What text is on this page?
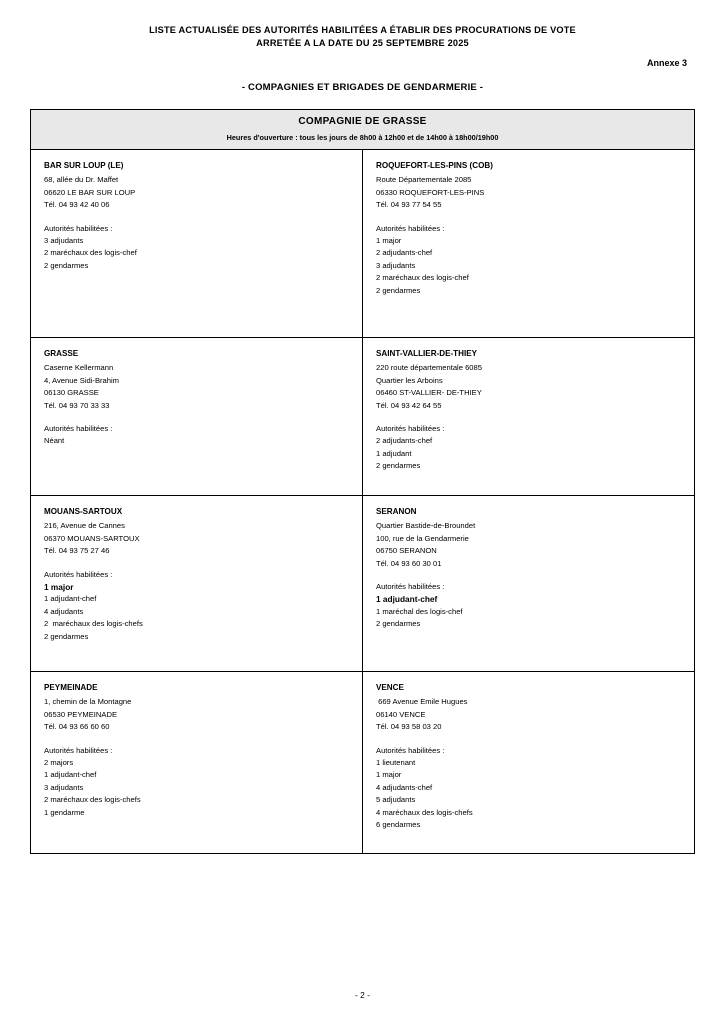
LISTE ACTUALISÉE DES AUTORITÉS HABILITÉES A ÉTABLIR DES PROCURATIONS DE VOTE
ARRETÉE A LA DATE DU 25 SEPTEMBRE 2025
Annexe 3
- COMPAGNIES ET BRIGADES DE GENDARMERIE -
COMPAGNIE DE GRASSE
Heures d'ouverture : tous les jours de 8h00 à 12h00 et de 14h00 à 18h00/19h00	

BAR SUR LOUP (LE)
68, allée du Dr. Maffet
06620 LE BAR SUR LOUP
Tél. 04 93 42 40 06
Autorités habilitées :
3 adjudants
2 maréchaux des logis-chef
2 gendarmes

ROQUEFORT-LES-PINS (COB)
Route Départementale 2085
06330 ROQUEFORT-LES-PINS
Tél. 04 93 77 54 55
Autorités habilitées :
1 major
2 adjudants-chef
3 adjudants
2 maréchaux des logis-chef
2 gendarmes

GRASSE
Caserne Kellermann
4, Avenue Sidi-Brahim
06130 GRASSE
Tél. 04 93 70 33 33
Autorités habilitées :
Néant

SAINT-VALLIER-DE-THIEY
220 route départementale 6085
Quartier les Arboins
06460 ST-VALLIER- DE-THIEY
Tél. 04 93 42 64 55
Autorités habilitées :
2 adjudants-chef
1 adjudant
2 gendarmes

MOUANS-SARTOUX
216, Avenue de Cannes
06370 MOUANS-SARTOUX
Tél. 04 93 75 27 46
Autorités habilitées :
1 major
1 adjudant-chef
4 adjudants
2  maréchaux des logis-chefs
2 gendarmes

SERANON
Quartier Bastide-de-Broundet
100, rue de la Gendarmerie
06750 SERANON
Tél. 04 93 60 30 01
Autorités habilitées :
1 adjudant-chef
1 maréchal des logis-chef
2 gendarmes

PEYMEINADE
1, chemin de la Montagne
06530 PEYMEINADE
Tél. 04 93 66 60 60
Autorités habilitées :
2 majors
1 adjudant-chef
3 adjudants
2 maréchaux des logis-chefs
1 gendarme

VENCE
669 Avenue Emile Hugues
06140 VENCE
Tél. 04 93 58 03 20
Autorités habilitées :
1 lieutenant
1 major
4 adjudants-chef
5 adjudants
4 maréchaux des logis-chefs
6 gendarmes
- 2 -
